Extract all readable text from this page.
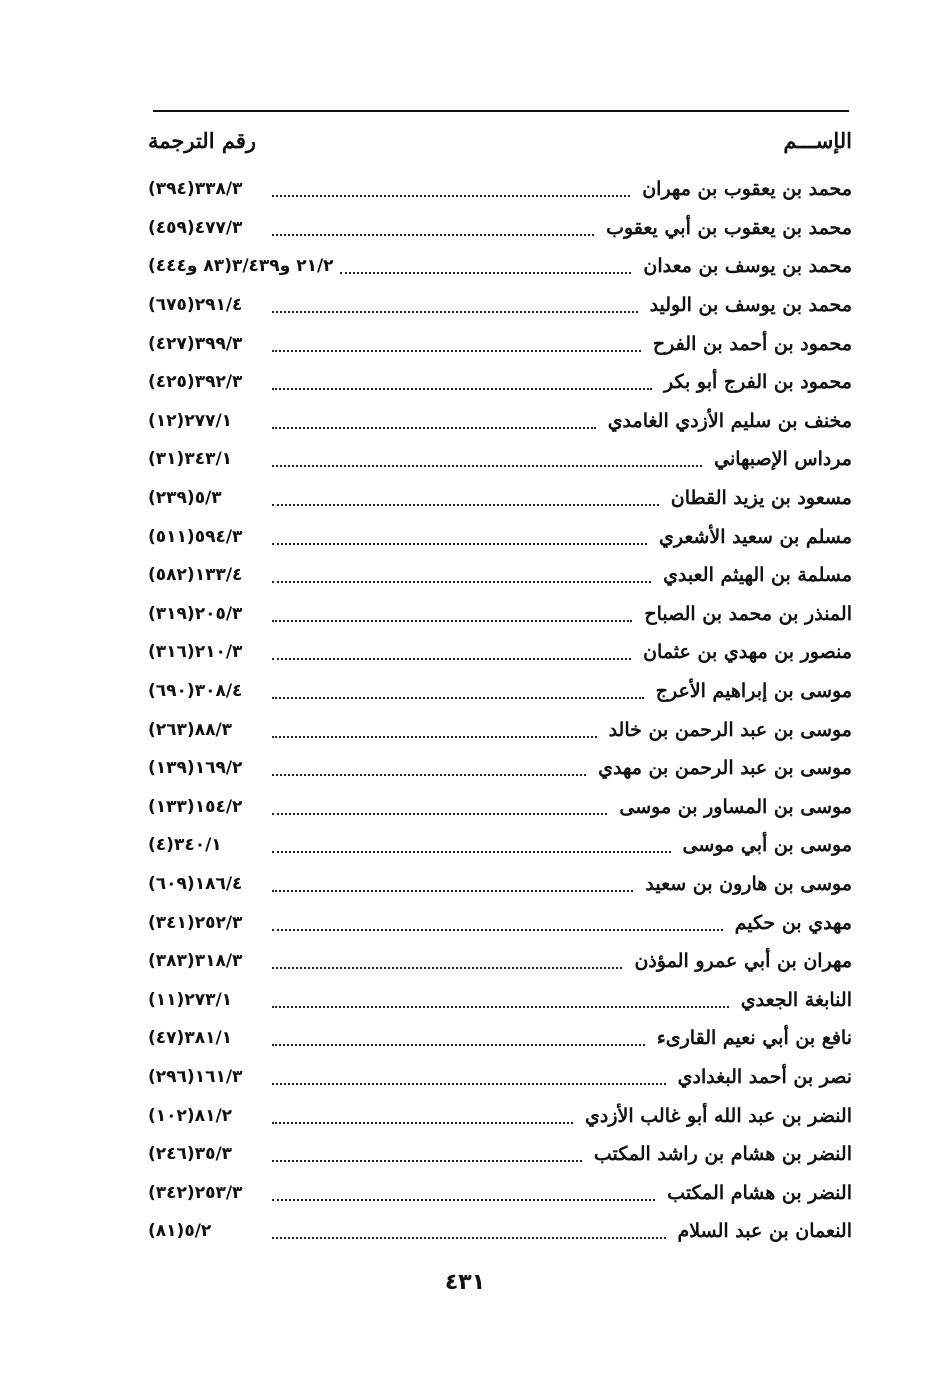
الإســـم
رقم الترجمة
محمد بن يعقوب بن مهران
(٣٩٤)٣٣٨/٣
محمد بن يعقوب بن أبي يعقوب
(٤٥٩)٤٧٧/٣
محمد بن يوسف بن معدان
٢١/٢ و٣/٤٣٩(٨٣ و٤٤٤)
محمد بن يوسف بن الوليد
(٦٧٥)٢٩١/٤
محمود بن أحمد بن الفرح
(٤٢٧)٣٩٩/٣
محمود بن الفرج أبو بكر
(٤٢٥)٣٩٢/٣
مخنف بن سليم الأزدي الغامدي
(١٢)٢٧٧/١
مرداس الإصبهاني
(٣١)٣٤٣/١
مسعود بن يزيد القطان
(٢٣٩)٥/٣
مسلم بن سعيد الأشعري
(٥١١)٥٩٤/٣
مسلمة بن الهيثم العبدي
(٥٨٢)١٣٣/٤
المنذر بن محمد بن الصباح
(٣١٩)٢٠٥/٣
منصور بن مهدي بن عثمان
(٣١٦)٢١٠/٣
موسى بن إبراهيم الأعرج
(٦٩٠)٣٠٨/٤
موسى بن عبد الرحمن بن خالد
(٢٦٣)٨٨/٣
موسى بن عبد الرحمن بن مهدي
(١٣٩)١٦٩/٢
موسى بن المساور بن موسى
(١٣٣)١٥٤/٢
موسى بن أبي موسى
(٤)٣٤٠/١
موسى بن هارون بن سعيد
(٦٠٩)١٨٦/٤
مهدي بن حكيم
(٣٤١)٢٥٢/٣
مهران بن أبي عمرو المؤذن
(٣٨٣)٣١٨/٣
النابغة الجعدي
(١١)٢٧٣/١
نافع بن أبي نعيم القارىء
(٤٧)٣٨١/١
نصر بن أحمد البغدادي
(٢٩٦)١٦١/٣
النضر بن عبد الله أبو غالب الأزدي
(١٠٢)٨١/٢
النضر بن هشام بن راشد المكتب
(٢٤٦)٣٥/٣
النضر بن هشام المكتب
(٣٤٢)٢٥٣/٣
النعمان بن عبد السلام
(٨١)٥/٢
٤٣١
